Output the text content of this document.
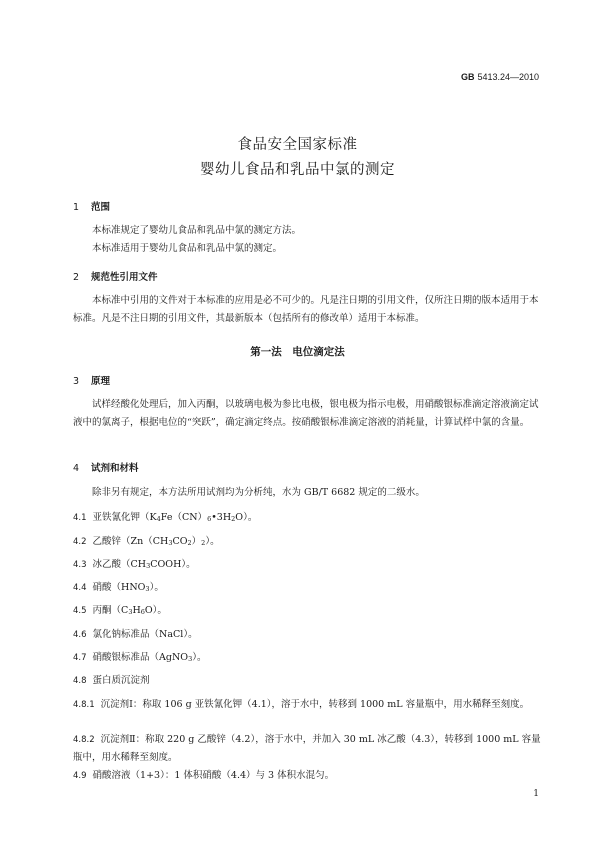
GB 5413.24—2010
食品安全国家标准
婴幼儿食品和乳品中氯的测定
1 范围
本标准规定了婴幼儿食品和乳品中氯的测定方法。
本标准适用于婴幼儿食品和乳品中氯的测定。
2 规范性引用文件
本标准中引用的文件对于本标准的应用是必不可少的。凡是注日期的引用文件，仅所注日期的版本适用于本标准。凡是不注日期的引用文件，其最新版本（包括所有的修改单）适用于本标准。
第一法　电位滴定法
3 原理
试样经酸化处理后，加入丙酮，以玻璃电极为参比电极，银电极为指示电极，用硝酸银标准滴定溶液滴定试液中的氯离子，根据电位的“突跃”，确定滴定终点。按硝酸银标准滴定溶液的消耗量，计算试样中氯的含量。
4 试剂和材料
除非另有规定，本方法所用试剂均为分析纯，水为 GB/T 6682 规定的二级水。
4.1 亚铁氰化钾$(K_4Fe(CN)_6•3H_2O)$。
4.2 乙酸锌$(Zn(CH_3CO_2)_2)$。
4.3 冰乙酸$(CH_3COOH)$。
4.4 硝酸$(HNO_3)$。
4.5 丙酮$(C_3H_6O)$。
4.6 氯化钠标准品（NaCl）。
4.7 硝酸银标准品（AgNO$_3$）。
4.8 蛋白质沉淀剂
4.8.1 沉淀剂Ⅰ：称取 106 g 亚铁氰化钾（4.1），溶于水中，转移到 1000 mL 容量瓶中，用水稀释至刻度。
4.8.2 沉淀剂Ⅱ：称取 220 g 乙酸锌（4.2），溶于水中，并加入 30 mL 冰乙酸（4.3），转移到 1000 mL 容量瓶中，用水稀释至刻度。
4.9 硝酸溶液（1+3）：1 体积硝酸（4.4）与 3 体积水混匀。
1
